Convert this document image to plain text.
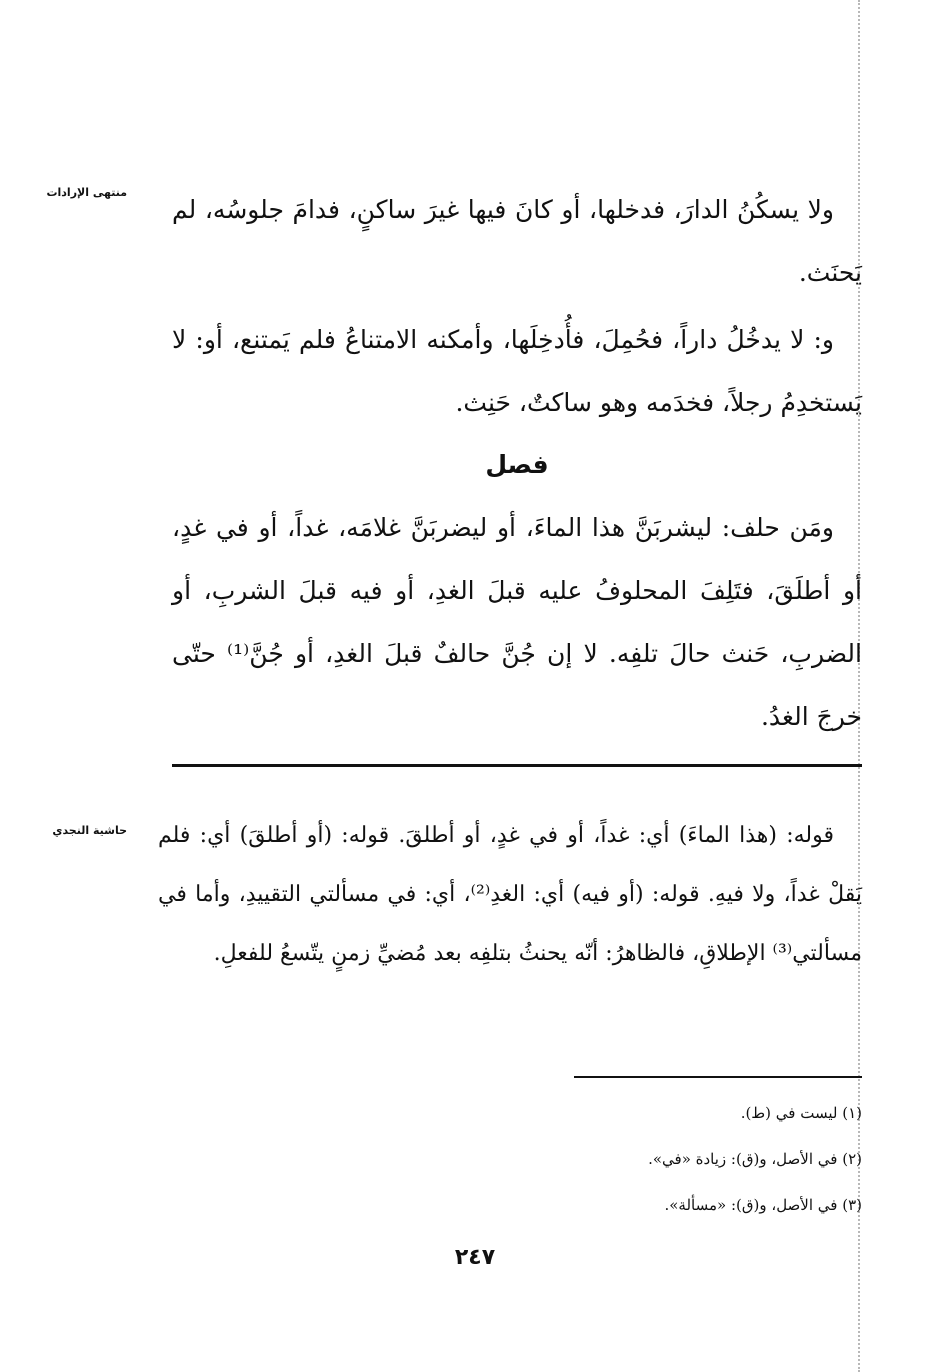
منتهى الإرادات

ولا يسكُنُ الدارَ، فدخلها، أو كانَ فيها غيرَ ساكنٍ، فدامَ جلوسُه، لم يَحنَث.

و: لا يدخُلُ داراً، فحُمِلَ، فأُدخِلَها، وأمكنه الامتناعُ فلم يَمتنع، أو: لا يَستخدِمُ رجلاً، فخدَمه وهو ساكتٌ، حَنِث.

فصل

ومَن حلف: ليشربَنَّ هذا الماءَ، أو ليضربَنَّ غلامَه، غداً، أو في غدٍ، أو أطلَقَ، فتَلِفَ المحلوفُ عليه قبلَ الغدِ، أو فيه قبلَ الشربِ، أو الضربِ، حَنث حالَ تلفِه. لا إن جُنَّ حالفٌ قبلَ الغدِ، أو جُنَّ⁽¹⁾ حتّى خرجَ الغدُ.

حاشية النجدي قوله: (هذا الماءَ) أي: غداً، أو في غدٍ، أو أطلقَ. قوله: (أو أطلقَ) أي: فلم يَقلْ غداً، ولا فيهِ. قوله: (أو فيه) أي: الغدِ⁽²⁾، أي: في مسألتي التقييدِ، وأما في مسألتي⁽³⁾ الإطلاقِ، فالظاهرُ: أنّه يحنثُ بتلفِه بعد مُضيِّ زمنٍ يتّسعُ للفعلِ.

(١) ليست في (ط).
(٢) في الأصل، و(ق): زيادة «في».
(٣) في الأصل، و(ق): «مسألة».
٢٤٧
